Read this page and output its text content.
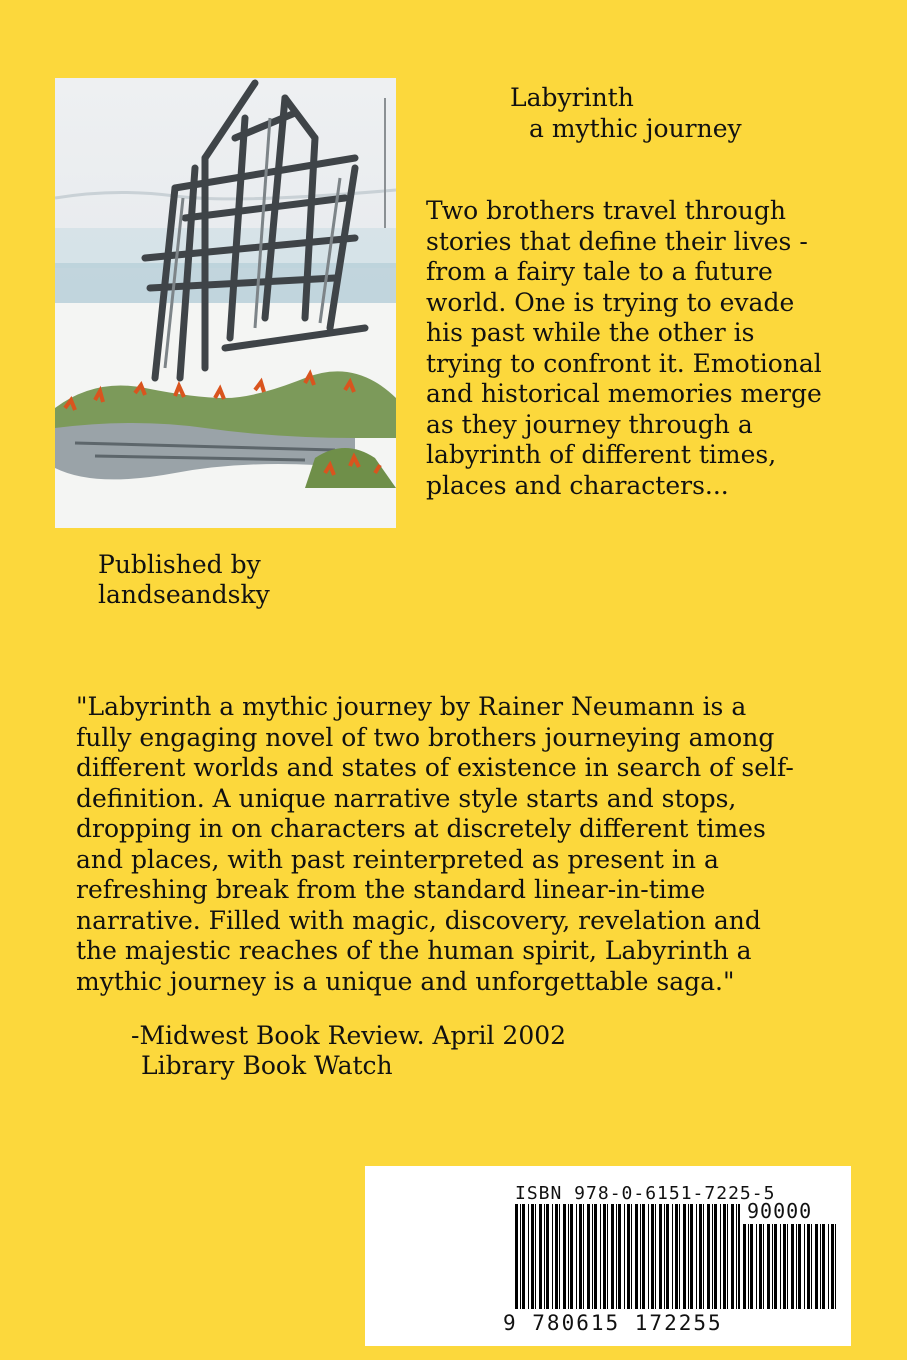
Labyrinth
a mythic journey
Two brothers travel through
stories that define their lives -
from a fairy tale to a future
world. One is trying to evade
his past while the other is
trying to confront it. Emotional
and historical memories merge
as they journey through a
labyrinth of different times,
places and characters...
Published by
landseandsky
"Labyrinth a mythic journey by Rainer Neumann is a
fully engaging novel of two brothers journeying among
different worlds and states of existence in search of self-
definition. A unique narrative style starts and stops,
dropping in on characters at discretely different times
and places, with past reinterpreted as present in a
refreshing break from the standard linear-in-time
narrative. Filled with magic, discovery, revelation and
the majestic reaches of the human spirit, Labyrinth a
mythic journey is a unique and unforgettable saga."
-Midwest Book Review. April 2002
Library Book Watch
ISBN 978-0-6151-7225-5
9 780615 172255
90000
